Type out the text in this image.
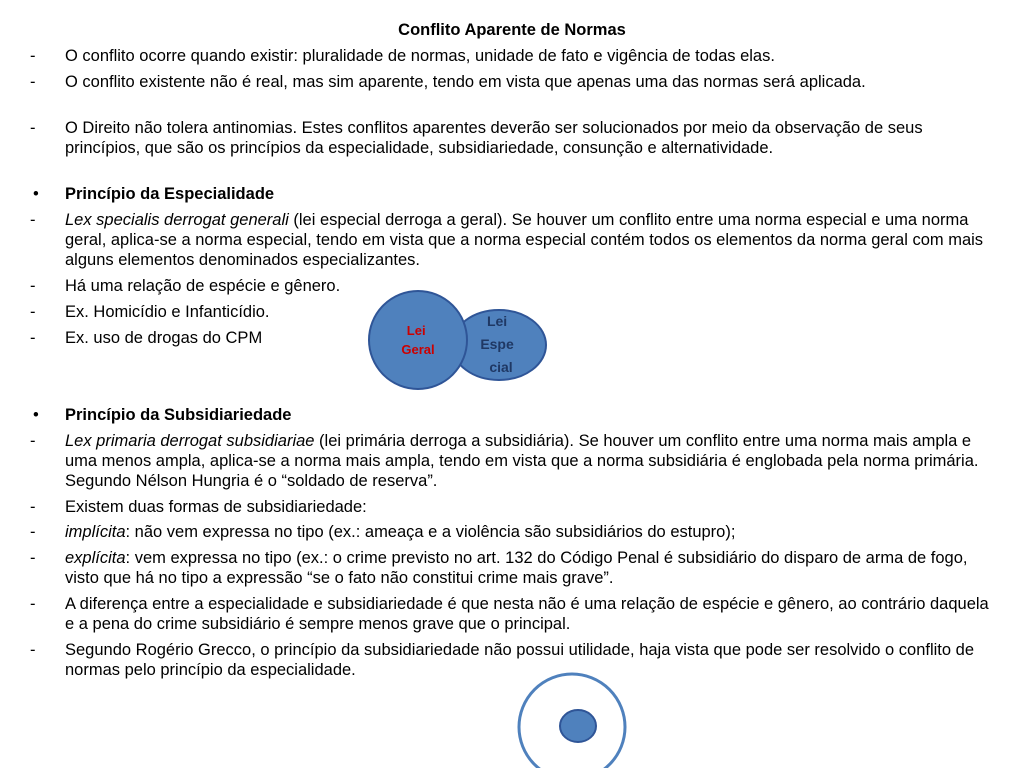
Conflito Aparente de Normas
-	O conflito ocorre quando existir: pluralidade de normas, unidade de fato e vigência de todas elas.
-	O conflito existente não é real, mas sim aparente, tendo em vista que apenas uma das normas será aplicada.
-	O Direito não tolera antinomias. Estes conflitos aparentes deverão ser solucionados por meio da observação de seus princípios, que são os princípios da especialidade, subsidiariedade, consunção e alternatividade.
•	Princípio da Especialidade
-	Lex specialis derrogat generali (lei especial derroga a geral). Se houver um conflito entre uma norma especial e uma norma geral, aplica-se a norma especial, tendo em vista que a norma especial contém todos os elementos da norma geral com mais alguns elementos denominados especializantes.
-	Há uma relação de espécie e gênero.
-	Ex. Homicídio e Infanticídio.
-	Ex. uso de drogas do CPM
•	Princípio da Subsidiariedade
-	Lex primaria derrogat subsidiariae (lei primária derroga a subsidiária). Se houver um conflito entre uma norma mais ampla e uma menos ampla, aplica-se a norma mais ampla, tendo em vista que a norma subsidiária é englobada pela norma primária. Segundo Nélson Hungria é o “soldado de reserva”.
-	Existem duas formas de subsidiariedade:
-	implícita: não vem expressa no tipo (ex.: ameaça e a violência são subsidiários do estupro);
-	explícita: vem expressa no tipo (ex.: o crime previsto no art. 132 do Código Penal é subsidiário do disparo de arma de fogo, visto que há no tipo a expressão “se o fato não constitui crime mais grave”.
-	A diferença entre a especialidade e subsidiariedade é que nesta não é uma relação de espécie e gênero, ao contrário daquela e a pena do crime subsidiário é sempre menos grave que o principal.
-	Segundo Rogério Grecco, o princípio da subsidiariedade não possui utilidade, haja vista que pode ser resolvido o conflito de normas pelo princípio da especialidade.
Lei Espe cial
Lei Geral
